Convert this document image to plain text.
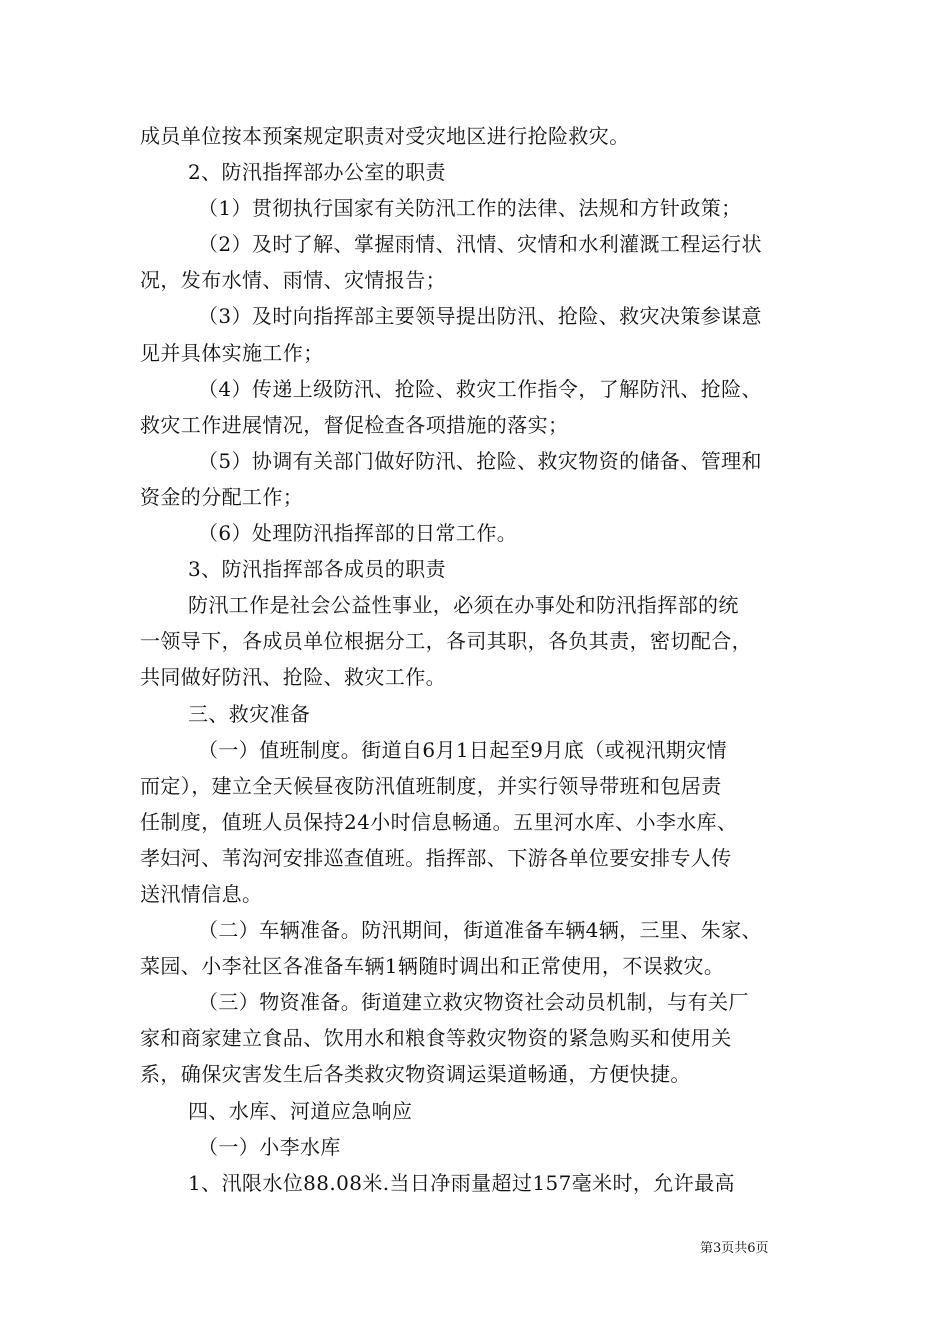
成员单位按本预案规定职责对受灾地区进行抢险救灾。
2、防汛指挥部办公室的职责
（1）贯彻执行国家有关防汛工作的法律、法规和方针政策；
（2）及时了解、掌握雨情、汛情、灾情和水利灌溉工程运行状
况，发布水情、雨情、灾情报告；
（3）及时向指挥部主要领导提出防汛、抢险、救灾决策参谋意
见并具体实施工作；
（4）传递上级防汛、抢险、救灾工作指令，了解防汛、抢险、
救灾工作进展情况，督促检查各项措施的落实；
（5）协调有关部门做好防汛、抢险、救灾物资的储备、管理和
资金的分配工作；
（6）处理防汛指挥部的日常工作。
3、防汛指挥部各成员的职责
防汛工作是社会公益性事业，必须在办事处和防汛指挥部的统
一领导下，各成员单位根据分工，各司其职，各负其责，密切配合，
共同做好防汛、抢险、救灾工作。
三、救灾准备
（一）值班制度。街道自6月1日起至9月底（或视汛期灾情
而定），建立全天候昼夜防汛值班制度，并实行领导带班和包居责
任制度，值班人员保持24小时信息畅通。五里河水库、小李水库、
孝妇河、苇沟河安排巡查值班。指挥部、下游各单位要安排专人传
送汛情信息。
（二）车辆准备。防汛期间，街道准备车辆4辆，三里、朱家、
菜园、小李社区各准备车辆1辆随时调出和正常使用，不误救灾。
（三）物资准备。街道建立救灾物资社会动员机制，与有关厂
家和商家建立食品、饮用水和粮食等救灾物资的紧急购买和使用关
系，确保灾害发生后各类救灾物资调运渠道畅通，方便快捷。
四、水库、河道应急响应
（一）小李水库
1、汛限水位88.08米.当日净雨量超过157毫米时，允许最高
第3页共6页
